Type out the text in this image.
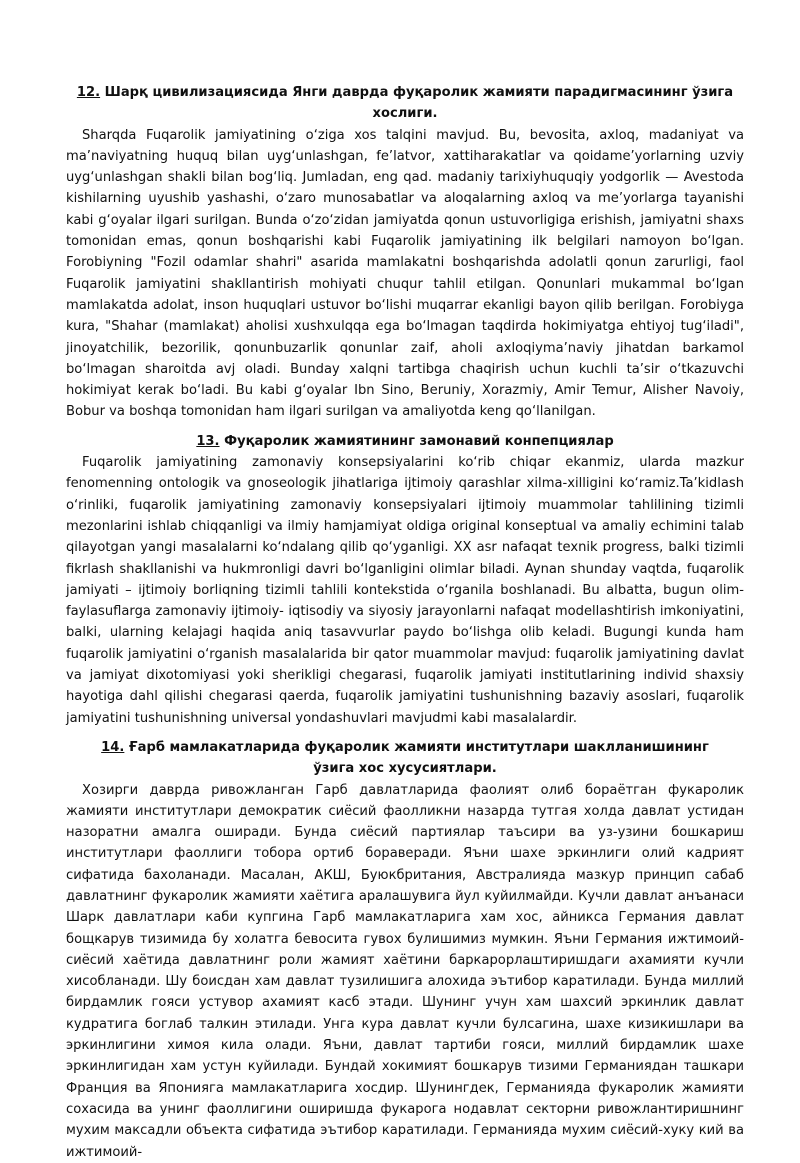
12. Шарқ цивилизациясида Янги даврда фуқаролик жамияти парадигмасининг ўзига хослиги.

Sharqda Fuqarolik jamiyatining o‘ziga xos talqini mavjud. Bu, bevosita, axloq, madaniyat va ma’naviyatning huquq bilan uyg‘unlashgan, fe’latvor, xattiharakatlar va qoidame’yorlarning uzviy uyg‘unlashgan shakli bilan bog‘liq. Jumladan, eng qad. madaniy tarixiyhuquqiy yodgorlik — Avestoda kishilarning uyushib yashashi, o‘zaro munosabatlar va aloqalarning axloq va me’yorlarga tayanishi kabi g‘oyalar ilgari surilgan. Bunda o‘zo‘zidan jamiyatda qonun ustuvorligiga erishish, jamiyatni shaxs tomonidan emas, qonun boshqarishi kabi Fuqarolik jamiyatining ilk belgilari namoyon bo‘lgan. Forobiyning "Fozil odamlar shahri" asarida mamlakatni boshqarishda adolatli qonun zarurligi, faol Fuqarolik jamiyatini shakllantirish mohiyati chuqur tahlil etilgan. Qonunlari mukammal bo‘lgan mamlakatda adolat, inson huquqlari ustuvor bo‘lishi muqarrar ekanligi bayon qilib berilgan. Forobiyga kura, "Shahar (mamlakat) aholisi xushxulqqa ega bo‘lmagan taqdirda hokimiyatga ehtiyoj tug‘iladi", jinoyatchilik, bezorilik, qonunbuzarlik qonunlar zaif, aholi axloqiyma’naviy jihatdan barkamol bo‘lmagan sharoitda avj oladi. Bunday xalqni tartibga chaqirish uchun kuchli ta’sir o‘tkazuvchi hokimiyat kerak bo‘ladi. Bu kabi g‘oyalar Ibn Sino, Beruniy, Xorazmiy, Amir Temur, Alisher Navoiy, Bobur va boshqa tomonidan ham ilgari surilgan va amaliyotda keng qo‘llanilgan.

13. Фуқаролик жамиятининг замонавий конпепциялар

Fuqarolik jamiyatining zamonaviy konsepsiyalarini ko‘rib chiqar ekanmiz, ularda mazkur fenomenning ontologik va gnoseologik jihatlariga ijtimoiy qarashlar xilma-xilligini ko‘ramiz.Ta’kidlash o‘rinliki, fuqarolik jamiyatining zamonaviy konsepsiyalari ijtimoiy muammolar tahlilining tizimli mezonlarini ishlab chiqqanligi va ilmiy hamjamiyat oldiga original konseptual va amaliy echimini talab qilayotgan yangi masalalarni ko‘ndalang qilib qo‘yganligi. XX asr nafaqat texnik progress, balki tizimli fikrlash shakllanishi va hukmronligi davri bo‘lganligini olimlar biladi. Aynan shunday vaqtda, fuqarolik jamiyati – ijtimoiy borliqning tizimli tahlili kontekstida o‘rganila boshlanadi. Bu albatta, bugun olim-faylasuflarga zamonaviy ijtimoiy- iqtisodiy va siyosiy jarayonlarni nafaqat modellashtirish imkoniyatini, balki, ularning kelajagi haqida aniq tasavvurlar paydo bo‘lishga olib keladi. Bugungi kunda ham fuqarolik jamiyatini o‘rganish masalalarida bir qator muammolar mavjud: fuqarolik jamiyatining davlat va jamiyat dixotomiyasi yoki sherikligi chegarasi, fuqarolik jamiyati institutlarining individ shaxsiy hayotiga dahl qilishi chegarasi qaerda, fuqarolik jamiyatini tushunishning bazaviy asoslari, fuqarolik jamiyatini tushunishning universal yondashuvlari mavjudmi kabi masalalardir.

14. Ғарб мамлакатларида фуқаролик жамияти институтлари шаклланишининг ўзига хос хусусиятлари.

Хозирги даврда ривожланган Гарб давлатларида фаолият олиб бораётган фукаролик жамияти институтлари демократик сиёсий фаолликни назарда тутгая холда давлат устидан назоратни амалга оширади. Бунда сиёсий партиялар таъсири ва уз-узини бошкариш институтлари фаоллиги тобора ортиб бораверади. Яъни шахе эркинлиги олий кадрият сифатида бахоланади. Масалан, АКШ, Буюкбритания, Австралияда мазкур принцип сабаб давлатнинг фукаролик жамияти хаётига аралашувига йул куйилмайди. Кучли давлат анъанаси Шарк давлатлари каби купгина Гарб мамлакатларига хам хос, айникса Германия давлат бощкарув тизимида бу холатга бевосита гувох булишимиз мумкин. Яъни Германия ижтимоий-сиёсий хаётида давлатнинг роли жамият хаётини баркарорлаштиришдаги ахамияти кучли хисобланади. Шу боисдан хам давлат тузилишига алохида эътибор каратилади. Бунда миллий бирдамлик гояси устувор ахамият касб этади. Шунинг учун хам шахсий эркинлик давлат кудратига боглаб талкин этилади. Унга кура давлат кучли булсагина, шахе кизикишлари ва эркинлигини химоя кила олади. Яъни, давлат тартиби гояси, миллий бирдамлик шахе эркинлигидан хам устун куйилади. Бундай хокимият бошкарув тизими Германиядан ташкари Франция ва Японияга мамлакатларига хосдир. Шунингдек, Германияда фукаролик жамияти сохасида ва унинг фаоллигини оширишда фукарога нодавлат секторни ривожлантиришнинг мухим максадли объекта сифатида эътибор каратилади. Германияда мухим сиёсий-хуку кий ва ижтимоий-
